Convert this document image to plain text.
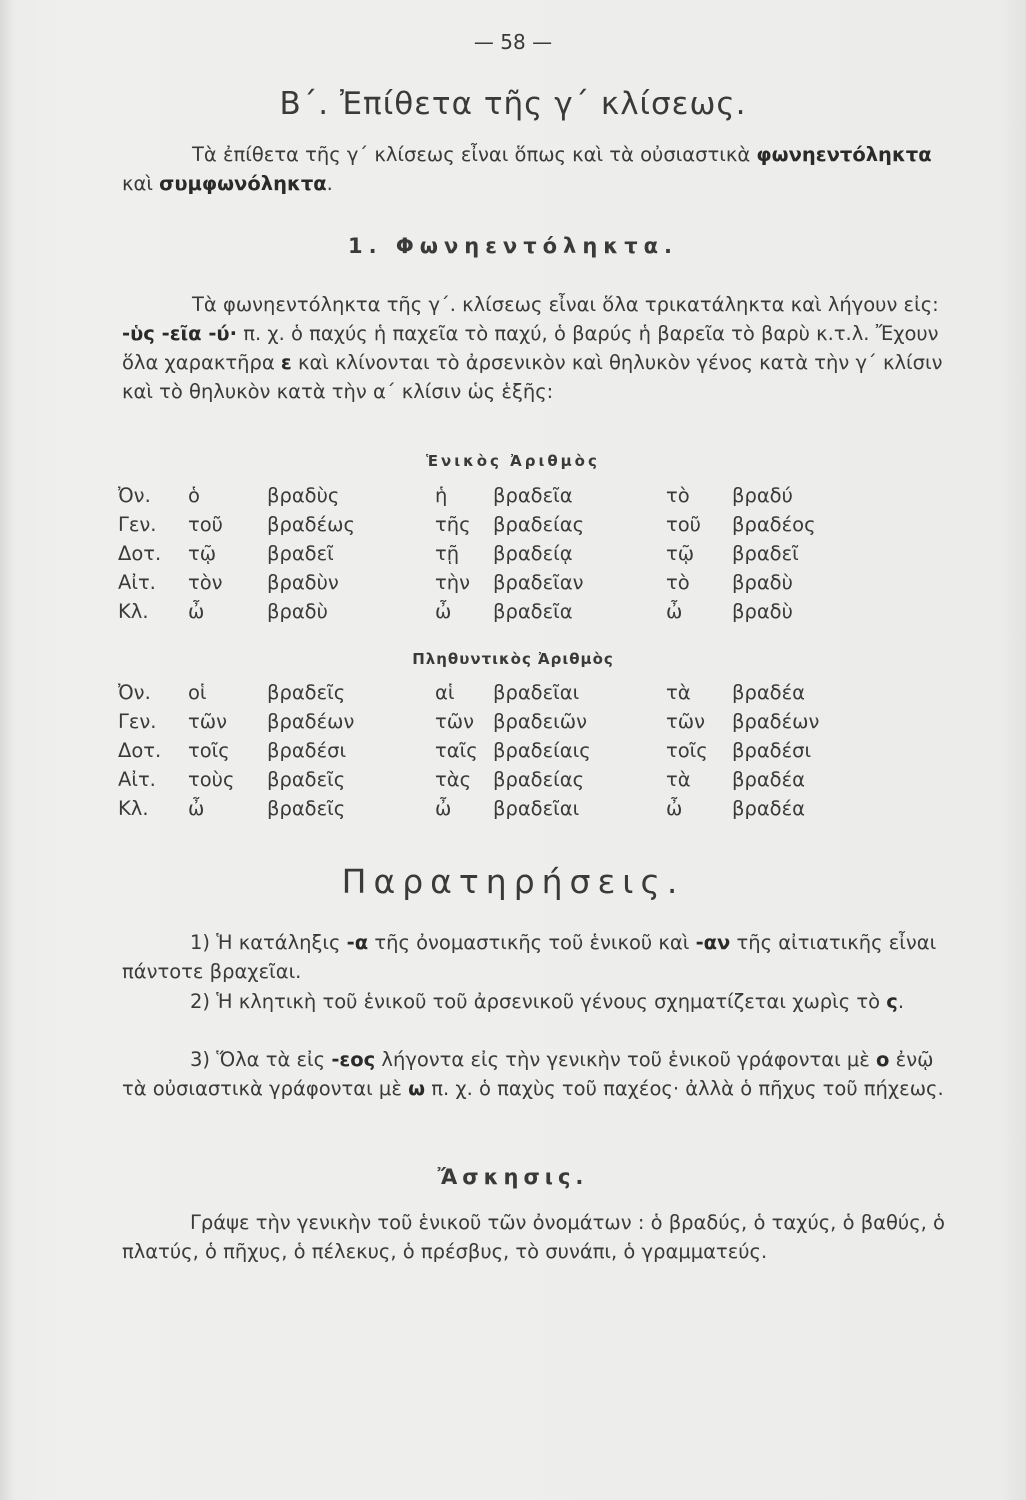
— 58 —
Β΄. Ἐπίθετα τῆς γ΄ κλίσεως.

Τὰ ἐπίθετα τῆς γ΄ κλίσεως εἶναι ὅπως καὶ τὰ οὐσιαστικὰ φωνηεντόληκτα καὶ συμφωνόληκτα.

1. Φωνηεντόληκτα.

Τὰ φωνηεντόληκτα τῆς γ΄. κλίσεως εἶναι ὅλα τρικατάληκτα καὶ λήγουν εἰς: -ὑς -εῖα -ύ· π. χ. ὁ παχύς ἡ παχεῖα τὸ παχύ, ὁ βαρύς ἡ βαρεῖα τὸ βαρὺ κ.τ.λ. Ἔχουν ὅλα χαρακτῆρα ε καὶ κλίνονται τὸ ἀρσενικὸν καὶ θηλυκὸν γένος κατὰ τὴν γ΄ κλίσιν καὶ τὸ θηλυκὸν κατὰ τὴν α΄ κλίσιν ὡς ἑξῆς:

Ἑνικὸς Ἀριθμὸς
Ὀν.	ὁ	βραδὺς	ἡ	βραδεῖα	τὸ	βραδύ
Γεν.	τοῦ	βραδέως	τῆς	βραδείας	τοῦ	βραδέος
Δοτ.	τῷ	βραδεῖ	τῇ	βραδείᾳ	τῷ	βραδεῖ
Αἰτ.	τὸν	βραδὺν	τὴν	βραδεῖαν	τὸ	βραδὺ
Κλ.	ὦ	βραδὺ	ὦ	βραδεῖα	ὦ	βραδὺ
Πληθυντικὸς Ἀριθμὸς
Ὀν.	οἱ	βραδεῖς	αἱ	βραδεῖαι	τὰ	βραδέα
Γεν.	τῶν	βραδέων	τῶν	βραδειῶν	τῶν	βραδέων
Δοτ.	τοῖς	βραδέσι	ταῖς	βραδείαις	τοῖς	βραδέσι
Αἰτ.	τοὺς	βραδεῖς	τὰς	βραδείας	τὰ	βραδέα
Κλ.	ὦ	βραδεῖς	ὦ	βραδεῖαι	ὦ	βραδέα
Παρατηρήσεις.

1) Ἡ κατάληξις -α τῆς ὀνομαστικῆς τοῦ ἑνικοῦ καὶ -αν τῆς αἰτιατικῆς εἶναι πάντοτε βραχεῖαι.

2) Ἡ κλητικὴ τοῦ ἑνικοῦ τοῦ ἀρσενικοῦ γένους σχηματίζεται χωρὶς τὸ ς.

3) Ὅλα τὰ εἰς -εος λήγοντα εἰς τὴν γενικὴν τοῦ ἑνικοῦ γράφονται μὲ ο ἐνῷ τὰ οὐσιαστικὰ γράφονται μὲ ω π. χ. ὁ παχὺς τοῦ παχέος· ἀλλὰ ὁ πῆχυς τοῦ πήχεως.

Ἄσκησις.

Γράψε τὴν γενικὴν τοῦ ἑνικοῦ τῶν ὀνομάτων : ὁ βραδύς, ὁ ταχύς, ὁ βαθύς, ὁ πλατύς, ὁ πῆχυς, ὁ πέλεκυς, ὁ πρέσβυς, τὸ συνάπι, ὁ γραμματεύς.
